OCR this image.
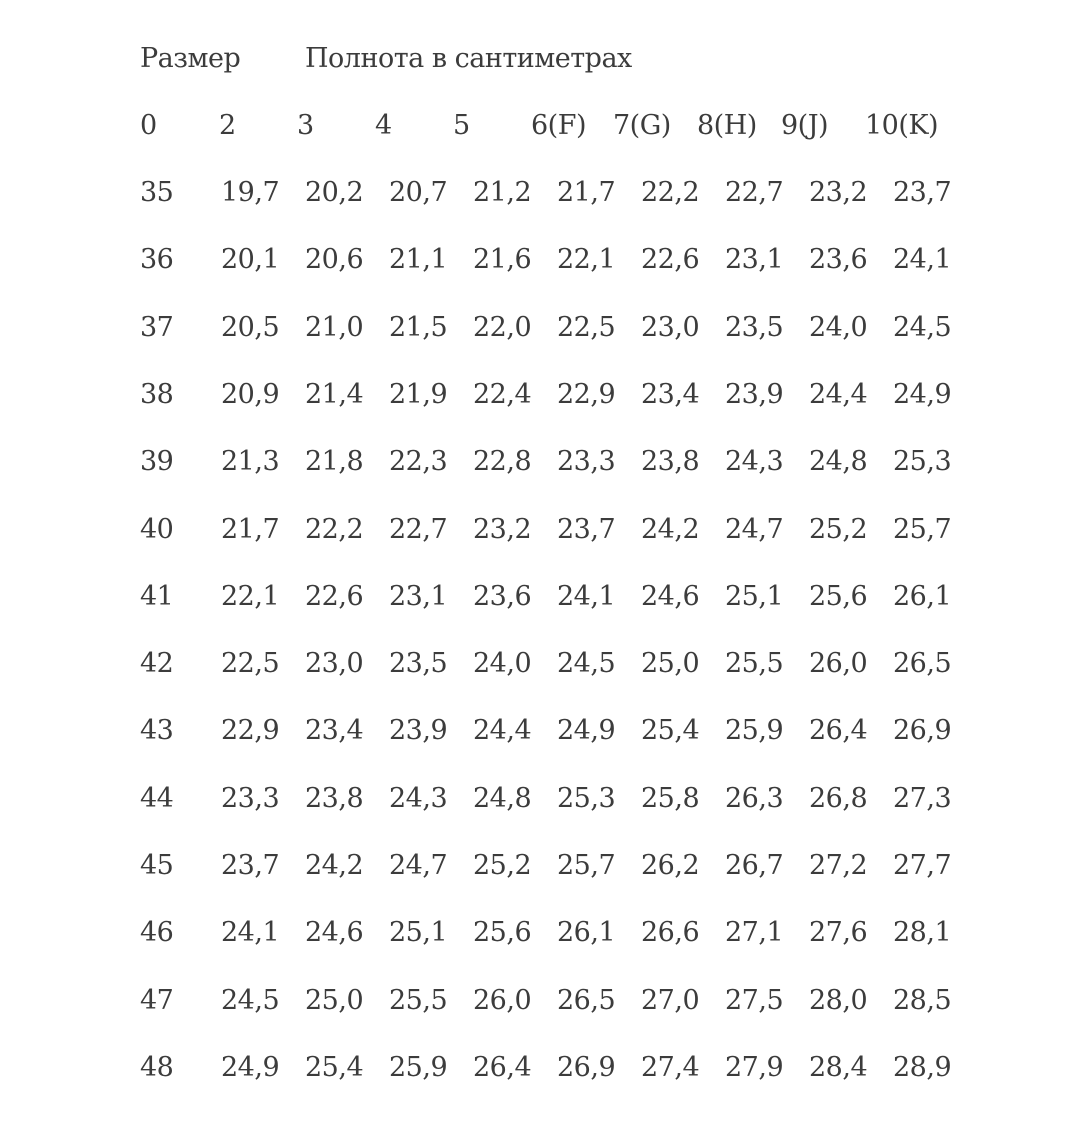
Размер Полнота в сантиметрах
0 2 3 4 5 6(F) 7(G) 8(H) 9(J) 10(K)
35 19,7 20,2 20,7 21,2 21,7 22,2 22,7 23,2 23,7
36 20,1 20,6 21,1 21,6 22,1 22,6 23,1 23,6 24,1
37 20,5 21,0 21,5 22,0 22,5 23,0 23,5 24,0 24,5
38 20,9 21,4 21,9 22,4 22,9 23,4 23,9 24,4 24,9
39 21,3 21,8 22,3 22,8 23,3 23,8 24,3 24,8 25,3
40 21,7 22,2 22,7 23,2 23,7 24,2 24,7 25,2 25,7
41 22,1 22,6 23,1 23,6 24,1 24,6 25,1 25,6 26,1
42 22,5 23,0 23,5 24,0 24,5 25,0 25,5 26,0 26,5
43 22,9 23,4 23,9 24,4 24,9 25,4 25,9 26,4 26,9
44 23,3 23,8 24,3 24,8 25,3 25,8 26,3 26,8 27,3
45 23,7 24,2 24,7 25,2 25,7 26,2 26,7 27,2 27,7
46 24,1 24,6 25,1 25,6 26,1 26,6 27,1 27,6 28,1
47 24,5 25,0 25,5 26,0 26,5 27,0 27,5 28,0 28,5
48 24,9 25,4 25,9 26,4 26,9 27,4 27,9 28,4 28,9
